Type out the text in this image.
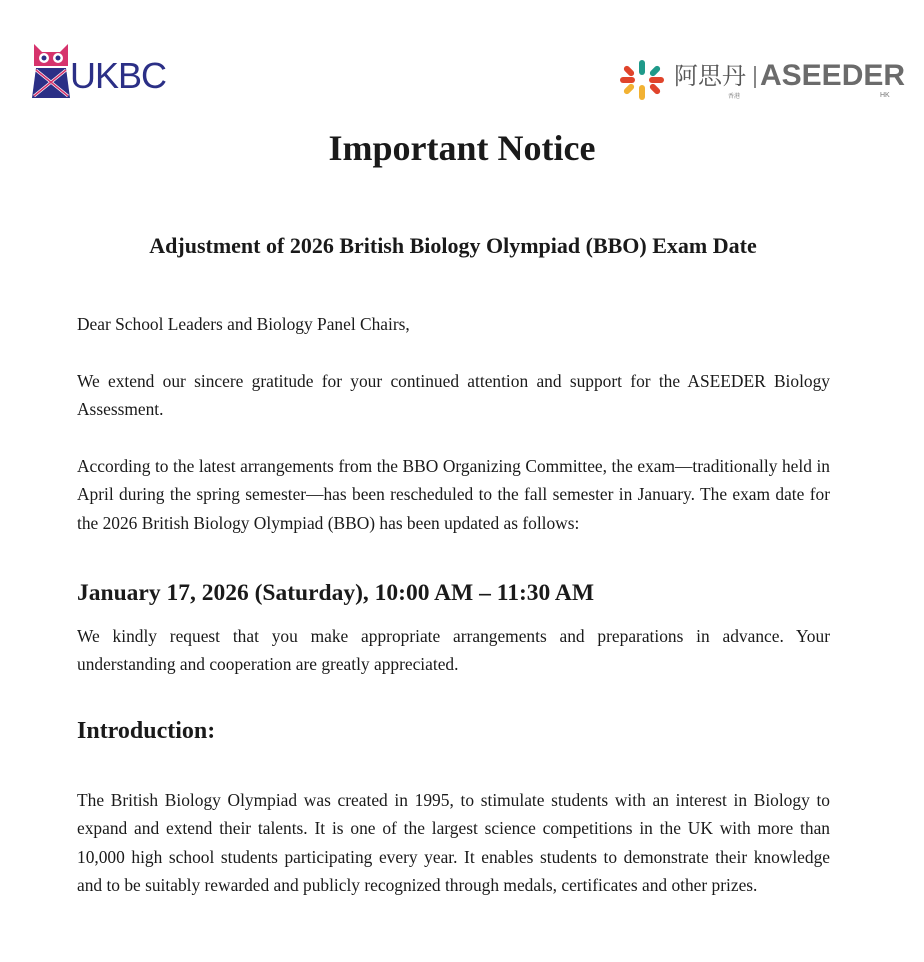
UKBC	阿思丹
香港
ASEEDER
HK
Important Notice
Adjustment of 2026 British Biology Olympiad (BBO) Exam Date
Dear School Leaders and Biology Panel Chairs,
We extend our sincere gratitude for your continued attention and support for the ASEEDER Biology Assessment.
According to the latest arrangements from the BBO Organizing Committee, the exam—traditionally held in April during the spring semester—has been rescheduled to the fall semester in January. The exam date for the 2026 British Biology Olympiad (BBO) has been updated as follows:
January 17, 2026 (Saturday), 10:00 AM – 11:30 AM
We kindly request that you make appropriate arrangements and preparations in advance. Your understanding and cooperation are greatly appreciated.
Introduction:
The British Biology Olympiad was created in 1995, to stimulate students with an interest in Biology to expand and extend their talents. It is one of the largest science competitions in the UK with more than 10,000 high school students participating every year. It enables students to demonstrate their knowledge and to be suitably rewarded and publicly recognized through medals, certificates and other prizes.
